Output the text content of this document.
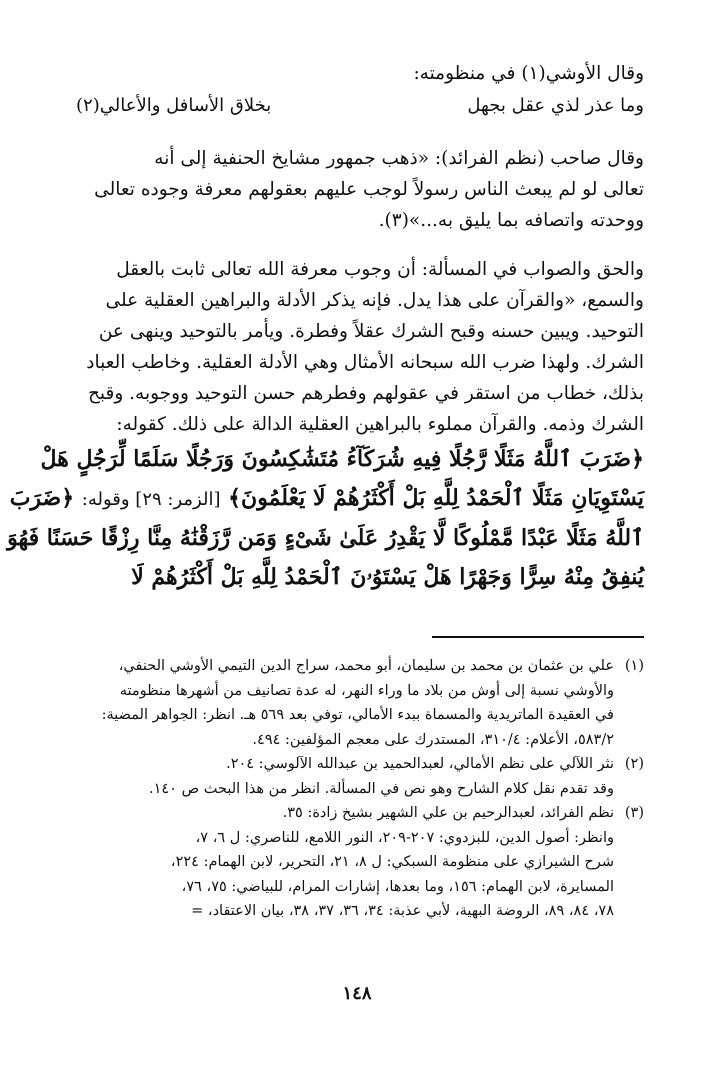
وقال الأوشي(١) في منظومته:
وما عذر لذي عقل بجهل
بخلاق الأسافل والأعالي(٢)
وقال صاحب (نظم الفرائد): «ذهب جمهور مشايخ الحنفية إلى أنه
تعالى لو لم يبعث الناس رسولاً لوجب عليهم بعقولهم معرفة وجوده تعالى
ووحدته واتصافه بما يليق به...»(٣).
والحق والصواب في المسألة: أن وجوب معرفة الله تعالى ثابت بالعقل
والسمع، «والقرآن على هذا يدل. فإنه يذكر الأدلة والبراهين العقلية على
التوحيد. ويبين حسنه وقبح الشرك عقلاً وفطرة. ويأمر بالتوحيد وينهى عن
الشرك. ولهذا ضرب الله سبحانه الأمثال وهي الأدلة العقلية. وخاطب العباد
بذلك، خطاب من استقر في عقولهم وفطرهم حسن التوحيد ووجوبه. وقبح
الشرك وذمه. والقرآن مملوء بالبراهين العقلية الدالة على ذلك. كقوله:
﴿ضَرَبَ ٱللَّهُ مَثَلًا رَّجُلًا فِيهِ شُرَكَآءُ مُتَشَٰكِسُونَ وَرَجُلًا سَلَمًا لِّرَجُلٍ هَلْ
يَسْتَوِيَانِ مَثَلًا ٱلْحَمْدُ لِلَّهِ بَلْ أَكْثَرُهُمْ لَا يَعْلَمُونَ﴾ [الزمر: ٢٩] وقوله: ﴿ضَرَبَ
ٱللَّهُ مَثَلًا عَبْدًا مَّمْلُوكًا لَّا يَقْدِرُ عَلَىٰ شَىْءٍ وَمَن رَّزَقْنَٰهُ مِنَّا رِزْقًا حَسَنًا فَهُوَ
يُنفِقُ مِنْهُ سِرًّا وَجَهْرًا هَلْ يَسْتَوُۥنَ ٱلْحَمْدُ لِلَّهِ بَلْ أَكْثَرُهُمْ لَا
(١)
علي بن عثمان بن محمد بن سليمان، أبو محمد، سراج الدين التيمي الأوشي الحنفي،
والأوشي نسبة إلى أوش من بلاد ما وراء النهر، له عدة تصانيف من أشهرها منظومته
في العقيدة الماتريدية والمسماة ببدء الأمالي، توفي بعد ٥٦٩ هـ. انظر: الجواهر المضية:
٥٨٣/٢، الأعلام: ٣١٠/٤، المستدرك على معجم المؤلفين: ٤٩٤.
(٢)
نثر اللآلي على نظم الأمالي، لعبدالحميد بن عبدالله الآلوسي: ٢٠٤.
وقد تقدم نقل كلام الشارح وهو نص في المسألة. انظر من هذا البحث ص ١٤٠.
(٣)
نظم الفرائد، لعبدالرحيم بن علي الشهير بشيخ زادة: ٣٥.
وانظر: أصول الدين، للبزدوي: ٢٠٧-٢٠٩، النور اللامع، للناصري: ل ٦، ٧،
شرح الشيرازي على منظومة السبكي: ل ٨، ٢١، التحرير، لابن الهمام: ٢٢٤،
المسايرة، لابن الهمام: ١٥٦، وما بعدها، إشارات المرام، للبياضي: ٧٥، ٧٦،
٧٨، ٨٤، ٨٩، الروضة البهية، لأبي عذبة: ٣٤، ٣٦، ٣٧، ٣٨، بيان الاعتقاد، =
١٤٨
